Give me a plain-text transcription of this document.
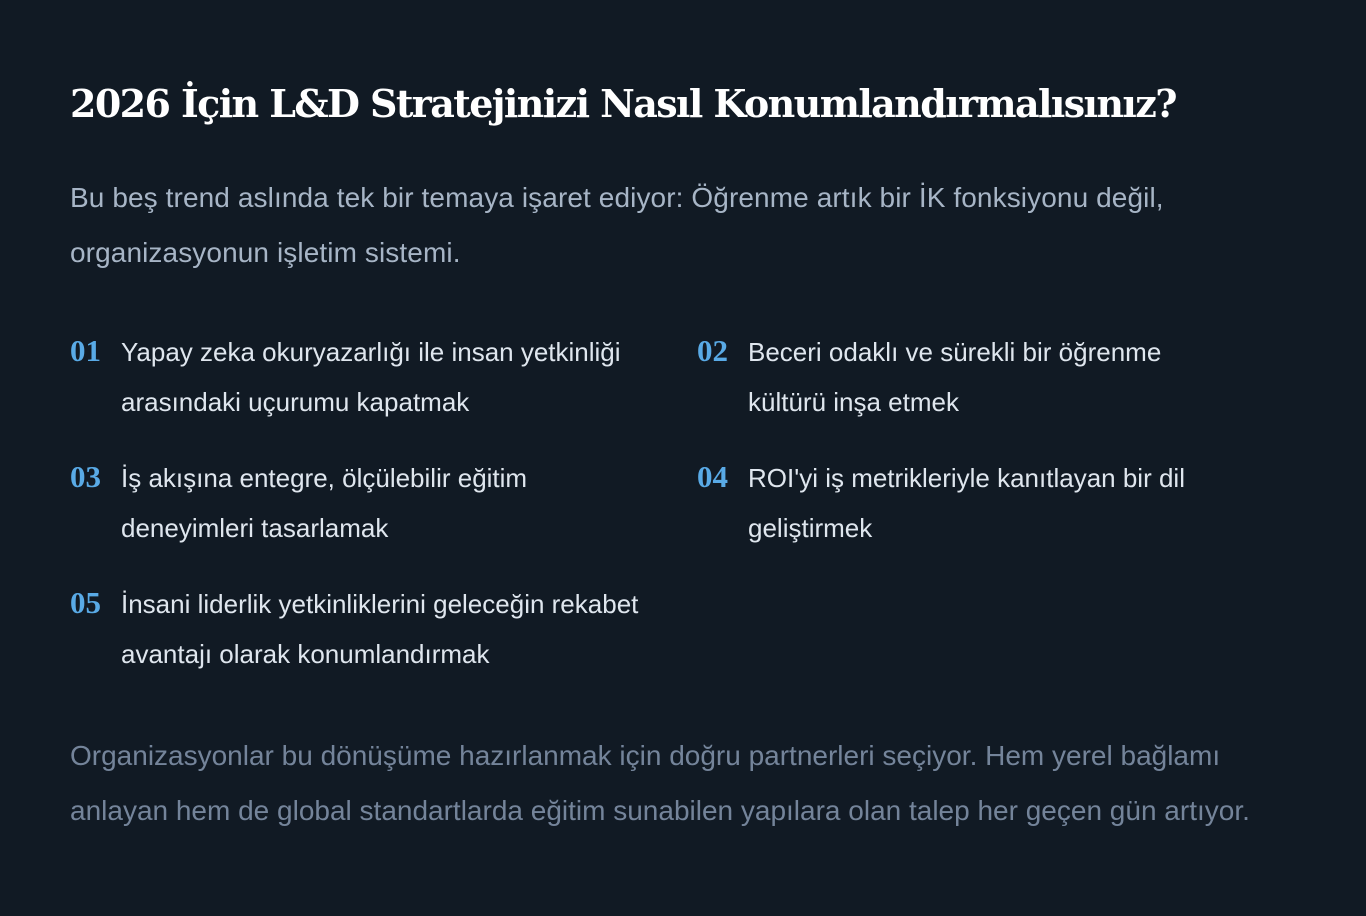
2026 İçin L&D Stratejinizi Nasıl Konumlandırmalısınız?

Bu beş trend aslında tek bir temaya işaret ediyor: Öğrenme artık bir İK fonksiyonu değil, organizasyonun işletim sistemi.

01 Yapay zeka okuryazarlığı ile insan yetkinliği arasındaki uçurumu kapatmak
02 Beceri odaklı ve sürekli bir öğrenme kültürü inşa etmek
03 İş akışına entegre, ölçülebilir eğitim deneyimleri tasarlamak
04 ROI'yi iş metrikleriyle kanıtlayan bir dil geliştirmek
05 İnsani liderlik yetkinliklerini geleceğin rekabet avantajı olarak konumlandırmak

Organizasyonlar bu dönüşüme hazırlanmak için doğru partnerleri seçiyor. Hem yerel bağlamı anlayan hem de global standartlarda eğitim sunabilen yapılara olan talep her geçen gün artıyor.
